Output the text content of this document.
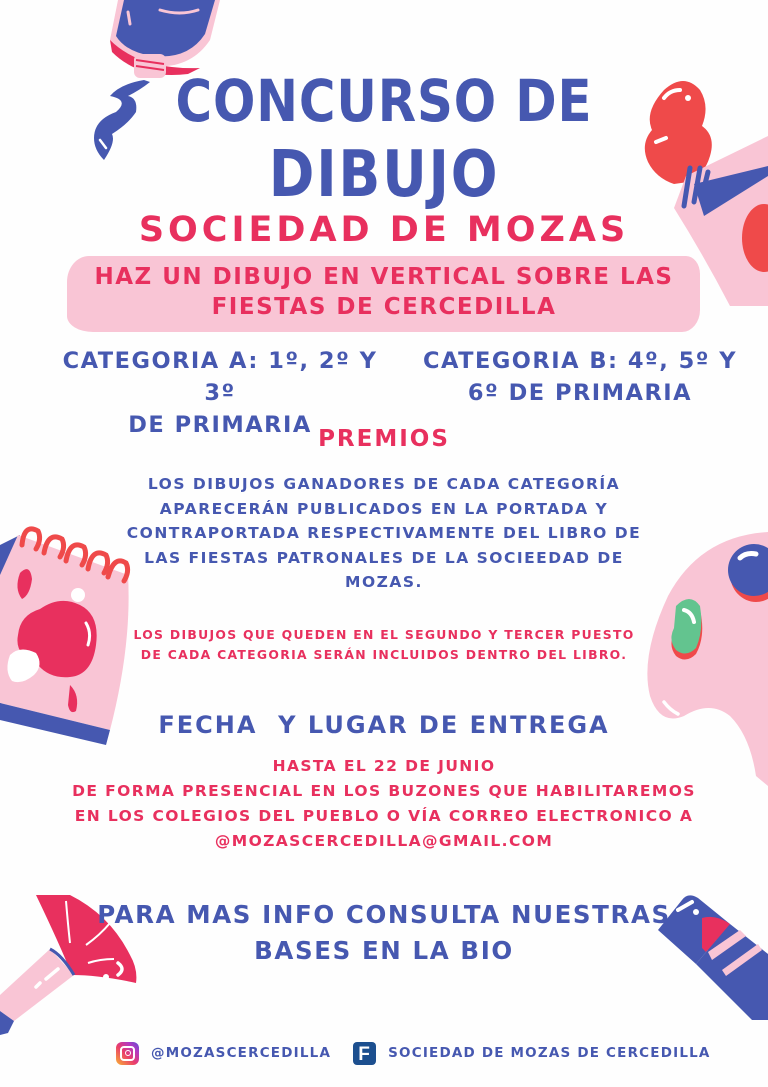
CONCURSO DE
DIBUJO
SOCIEDAD DE MOZAS
HAZ UN DIBUJO EN VERTICAL SOBRE LAS
FIESTAS DE CERCEDILLA
CATEGORIA A: 1º, 2º Y 3º
DE PRIMARIA
CATEGORIA B: 4º, 5º Y
6º DE PRIMARIA
PREMIOS
LOS DIBUJOS GANADORES DE CADA CATEGORÍA
APARECERÁN PUBLICADOS EN LA PORTADA Y
CONTRAPORTADA RESPECTIVAMENTE DEL LIBRO DE
LAS FIESTAS PATRONALES DE LA SOCIEEDAD DE
MOZAS.
LOS DIBUJOS QUE QUEDEN EN EL SEGUNDO Y TERCER PUESTO
DE CADA CATEGORIA SERÁN INCLUIDOS DENTRO DEL LIBRO.
FECHA  Y LUGAR DE ENTREGA
HASTA EL 22 DE JUNIO
DE FORMA PRESENCIAL EN LOS BUZONES QUE HABILITAREMOS
EN LOS COLEGIOS DEL PUEBLO O VÍA CORREO ELECTRONICO A
@MOZASCERCEDILLA@GMAIL.COM
PARA MAS INFO CONSULTA NUESTRAS
BASES EN LA BIO
@MOZASCERCEDILLA F	SOCIEDAD DE MOZAS DE CERCEDILLA
